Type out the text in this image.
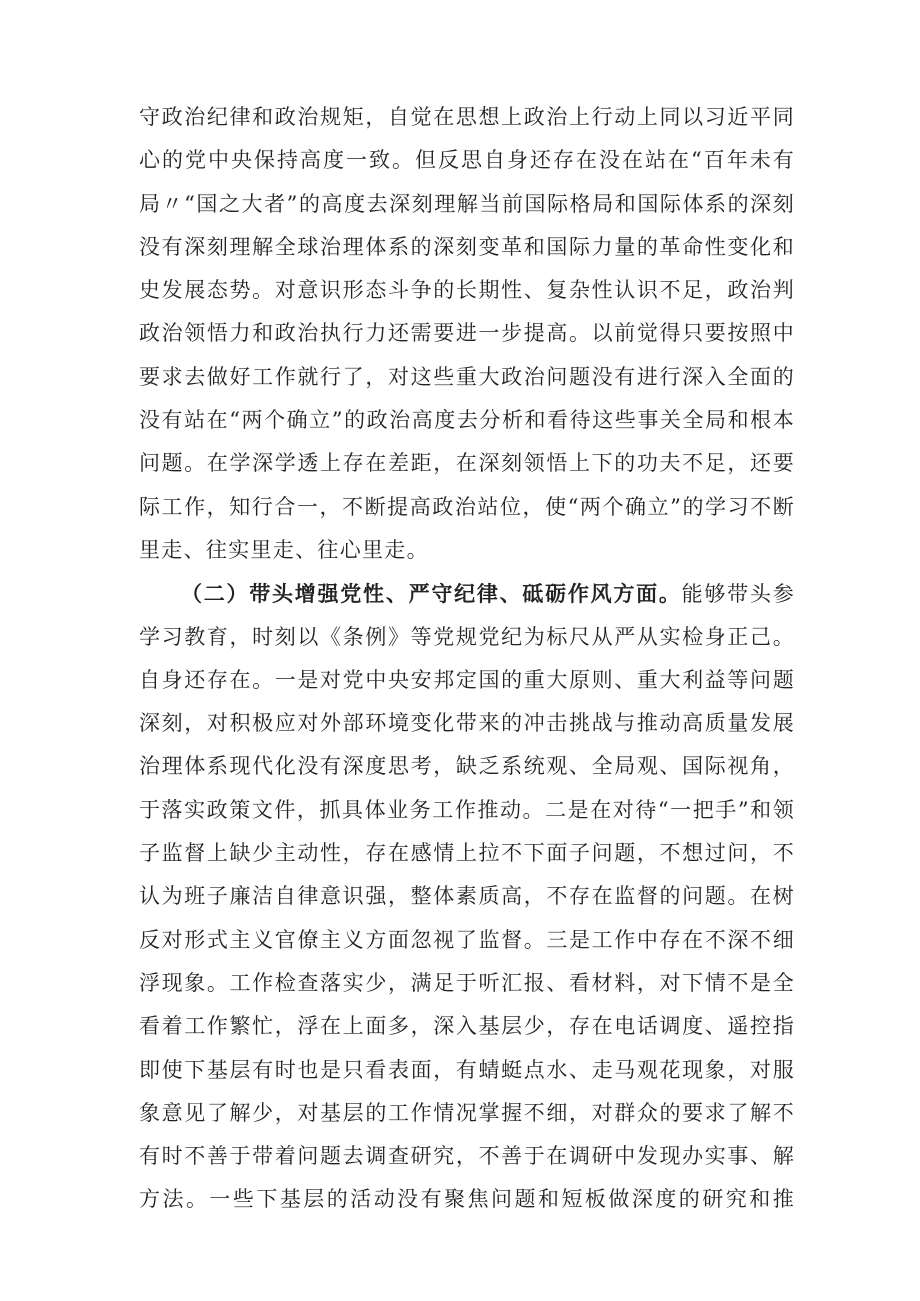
守政治纪律和政治规矩，自觉在思想上政治上行动上同以习近平同
心的党中央保持高度一致。但反思自身还存在没在站在“百年未有
局〃“国之大者”的高度去深刻理解当前国际格局和国际体系的深刻
没有深刻理解全球治理体系的深刻变革和国际力量的革命性变化和
史发展态势。对意识形态斗争的长期性、复杂性认识不足，政治判
政治领悟力和政治执行力还需要进一步提高。以前觉得只要按照中
要求去做好工作就行了，对这些重大政治问题没有进行深入全面的
没有站在“两个确立”的政治高度去分析和看待这些事关全局和根本
问题。在学深学透上存在差距，在深刻领悟上下的功夫不足，还要
际工作，知行合一，不断提高政治站位，使“两个确立”的学习不断
里走、往实里走、往心里走。
（二）带头增强党性、严守纪律、砥砺作风方面。能够带头参
学习教育，时刻以《条例》等党规党纪为标尺从严从实检身正己。
自身还存在。一是对党中央安邦定国的重大原则、重大利益等问题
深刻，对积极应对外部环境变化带来的冲击挑战与推动高质量发展
治理体系现代化没有深度思考，缺乏系统观、全局观、国际视角，
于落实政策文件，抓具体业务工作推动。二是在对待“一把手”和领
子监督上缺少主动性，存在感情上拉不下面子问题，不想过问，不
认为班子廉洁自律意识强，整体素质高，不存在监督的问题。在树
反对形式主义官僚主义方面忽视了监督。三是工作中存在不深不细
浮现象。工作检查落实少，满足于听汇报、看材料，对下情不是全
看着工作繁忙，浮在上面多，深入基层少，存在电话调度、遥控指
即使下基层有时也是只看表面，有蜻蜓点水、走马观花现象，对服
象意见了解少，对基层的工作情况掌握不细，对群众的要求了解不
有时不善于带着问题去调查研究，不善于在调研中发现办实事、解
方法。一些下基层的活动没有聚焦问题和短板做深度的研究和推
